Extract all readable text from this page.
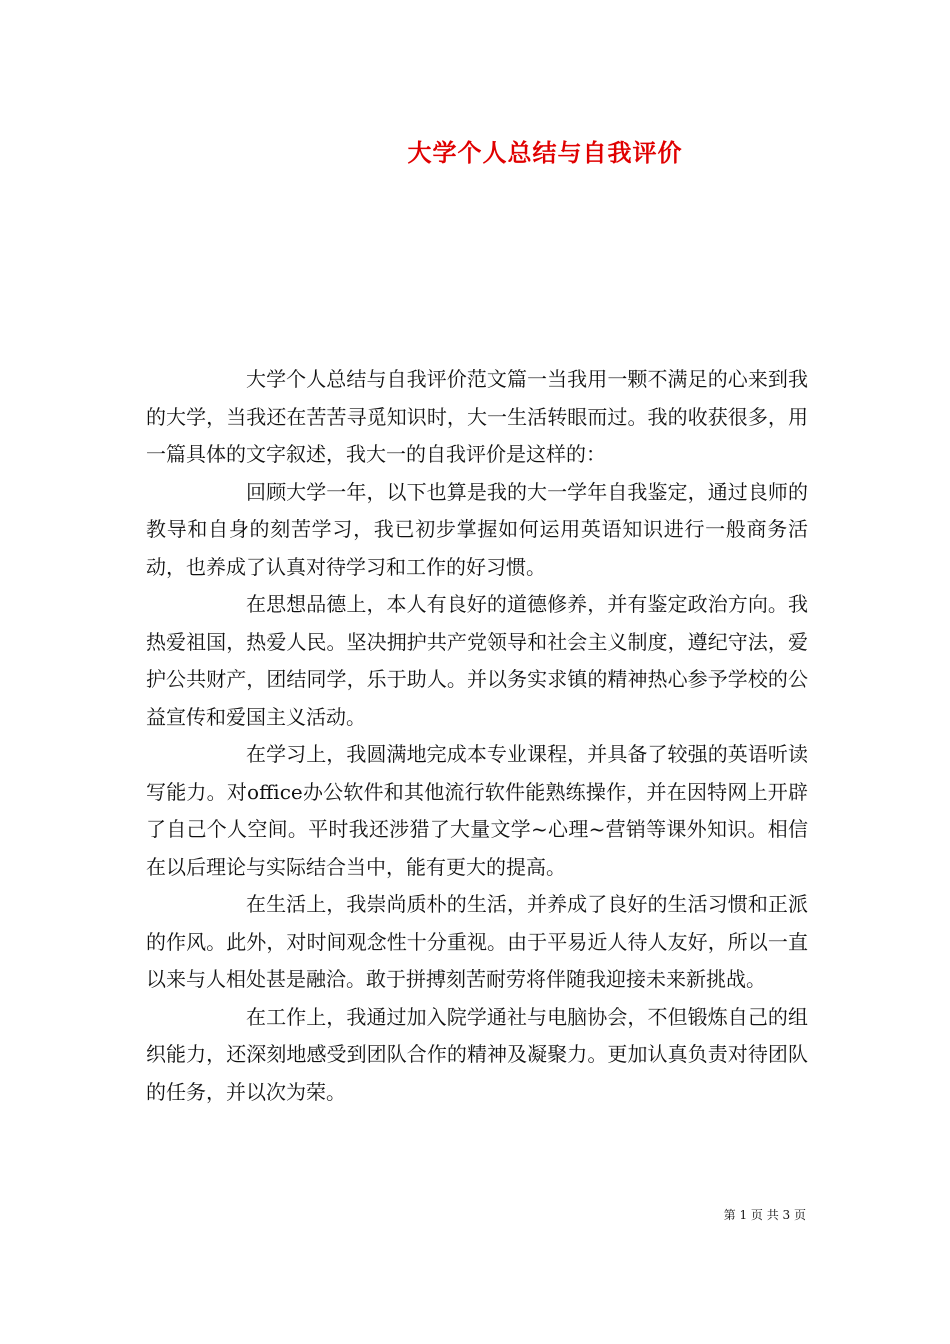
大学个人总结与自我评价

大学个人总结与自我评价范文篇一当我用一颗不满足的心来到我的大学，当我还在苦苦寻觅知识时，大一生活转眼而过。我的收获很多，用一篇具体的文字叙述，我大一的自我评价是这样的：

回顾大学一年，以下也算是我的大一学年自我鉴定，通过良师的教导和自身的刻苦学习，我已初步掌握如何运用英语知识进行一般商务活动，也养成了认真对待学习和工作的好习惯。

在思想品德上，本人有良好的道德修养，并有鉴定政治方向。我热爱祖国，热爱人民。坚决拥护共产党领导和社会主义制度，遵纪守法，爱护公共财产，团结同学，乐于助人。并以务实求镇的精神热心参予学校的公益宣传和爱国主义活动。

在学习上，我圆满地完成本专业课程，并具备了较强的英语听读写能力。对office办公软件和其他流行软件能熟练操作，并在因特网上开辟了自己个人空间。平时我还涉猎了大量文学~心理~营销等课外知识。相信在以后理论与实际结合当中，能有更大的提高。

在生活上，我崇尚质朴的生活，并养成了良好的生活习惯和正派的作风。此外，对时间观念性十分重视。由于平易近人待人友好，所以一直以来与人相处甚是融洽。敢于拼搏刻苦耐劳将伴随我迎接未来新挑战。

在工作上，我通过加入院学通社与电脑协会，不但锻炼自己的组织能力，还深刻地感受到团队合作的精神及凝聚力。更加认真负责对待团队的任务，并以次为荣。

第 1 页 共 3 页
